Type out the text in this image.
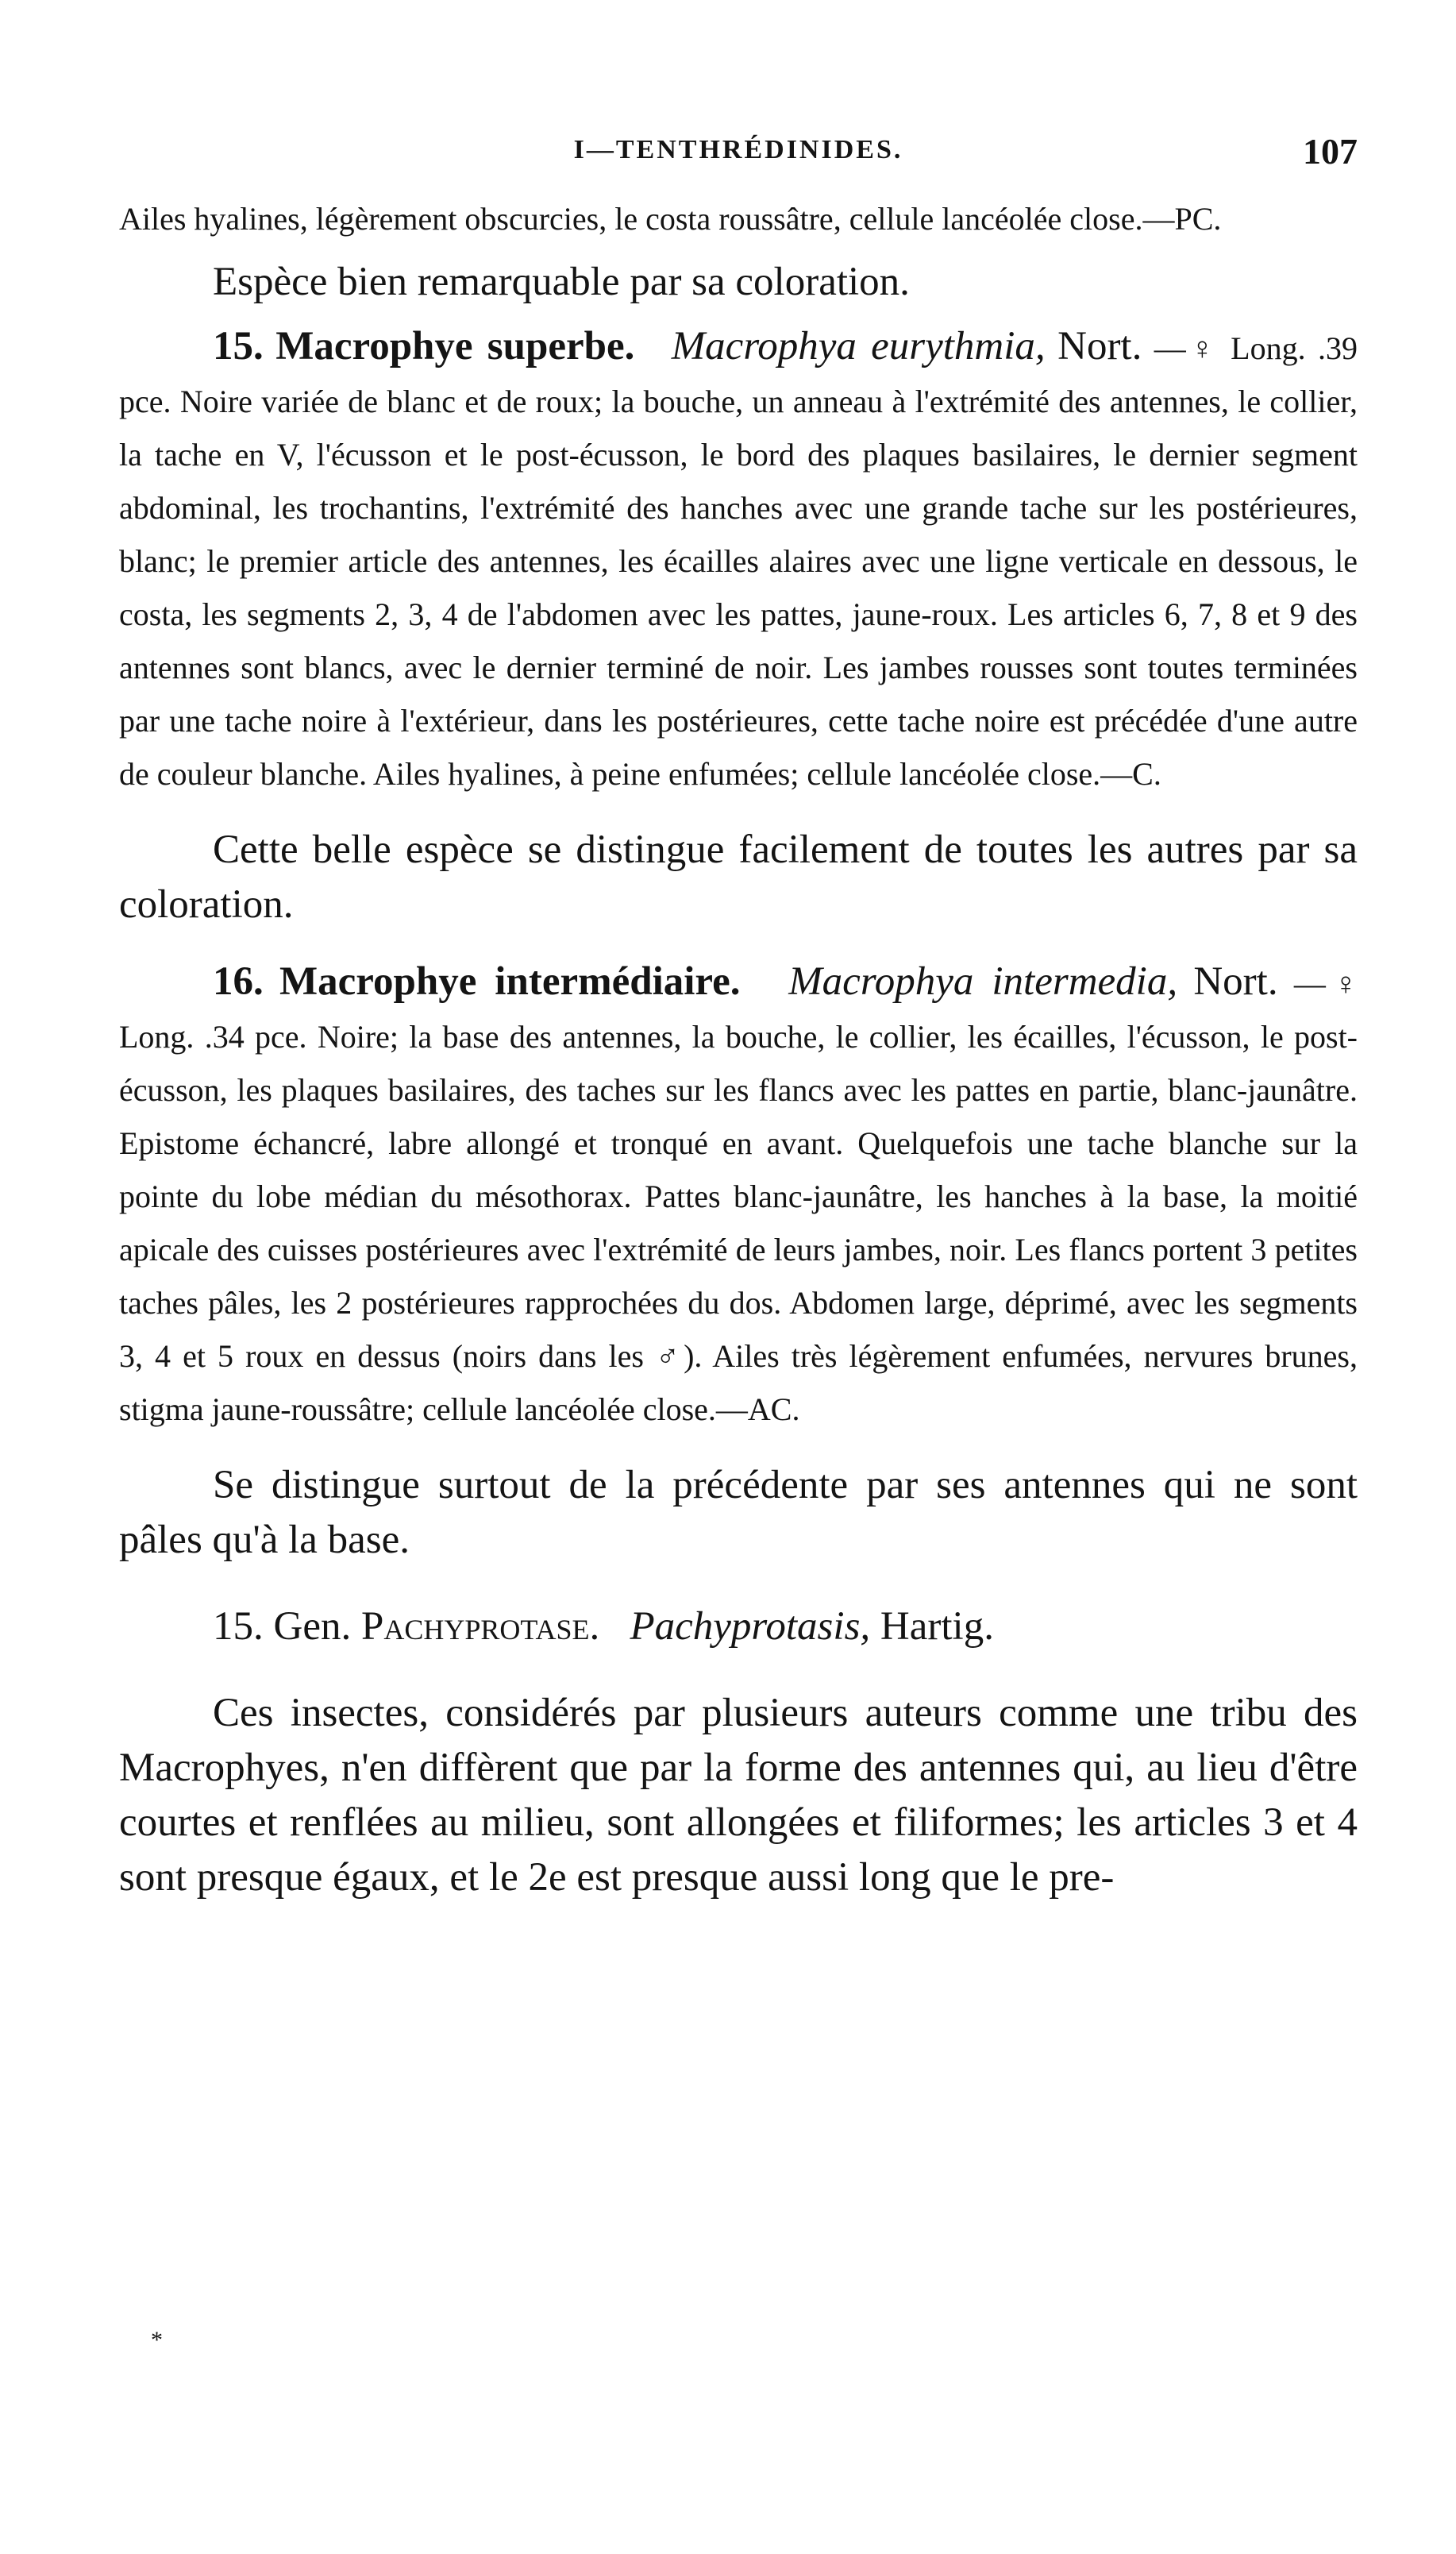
I—TENTHRÉDINIDES.	107

Ailes hyalines, légèrement obscurcies, le costa roussâtre, cellule lancéolée close.—PC.

Espèce bien remarquable par sa coloration.

15. Macrophye superbe. Macrophya eurythmia, Nort. —♀ Long. .39 pce. Noire variée de blanc et de roux; la bouche, un anneau à l'extrémité des antennes, le collier, la tache en V, l'écusson et le post-écusson, le bord des plaques basilaires, le dernier segment abdominal, les trochantins, l'extrémité des hanches avec une grande tache sur les postérieures, blanc; le premier article des antennes, les écailles alaires avec une ligne verticale en dessous, le costa, les segments 2, 3, 4 de l'abdomen avec les pattes, jaune-roux. Les articles 6, 7, 8 et 9 des antennes sont blancs, avec le dernier terminé de noir. Les jambes rousses sont toutes terminées par une tache noire à l'extérieur, dans les postérieures, cette tache noire est précédée d'une autre de couleur blanche. Ailes hyalines, à peine enfumées; cellule lancéolée close.—C.

Cette belle espèce se distingue facilement de toutes les autres par sa coloration.

16. Macrophye intermédiaire. Macrophya intermedia, Nort. —♀ Long. .34 pce. Noire; la base des antennes, la bouche, le collier, les écailles, l'écusson, le post-écusson, les plaques basilaires, des taches sur les flancs avec les pattes en partie, blanc-jaunâtre. Epistome échancré, labre allongé et tronqué en avant. Quelquefois une tache blanche sur la pointe du lobe médian du mésothorax. Pattes blanc-jaunâtre, les hanches à la base, la moitié apicale des cuisses postérieures avec l'extrémité de leurs jambes, noir. Les flancs portent 3 petites taches pâles, les 2 postérieures rapprochées du dos. Abdomen large, déprimé, avec les segments 3, 4 et 5 roux en dessus (noirs dans les ♂). Ailes très légèrement enfumées, nervures brunes, stigma jaune-roussâtre; cellule lancéolée close.—AC.

Se distingue surtout de la précédente par ses antennes qui ne sont pâles qu'à la base.

15. Gen. Pachyprotase. Pachyprotasis, Hartig.

Ces insectes, considérés par plusieurs auteurs comme une tribu des Macrophyes, n'en diffèrent que par la forme des antennes qui, au lieu d'être courtes et renflées au milieu, sont allongées et filiformes; les articles 3 et 4 sont presque égaux, et le 2e est presque aussi long que le pre-

*
